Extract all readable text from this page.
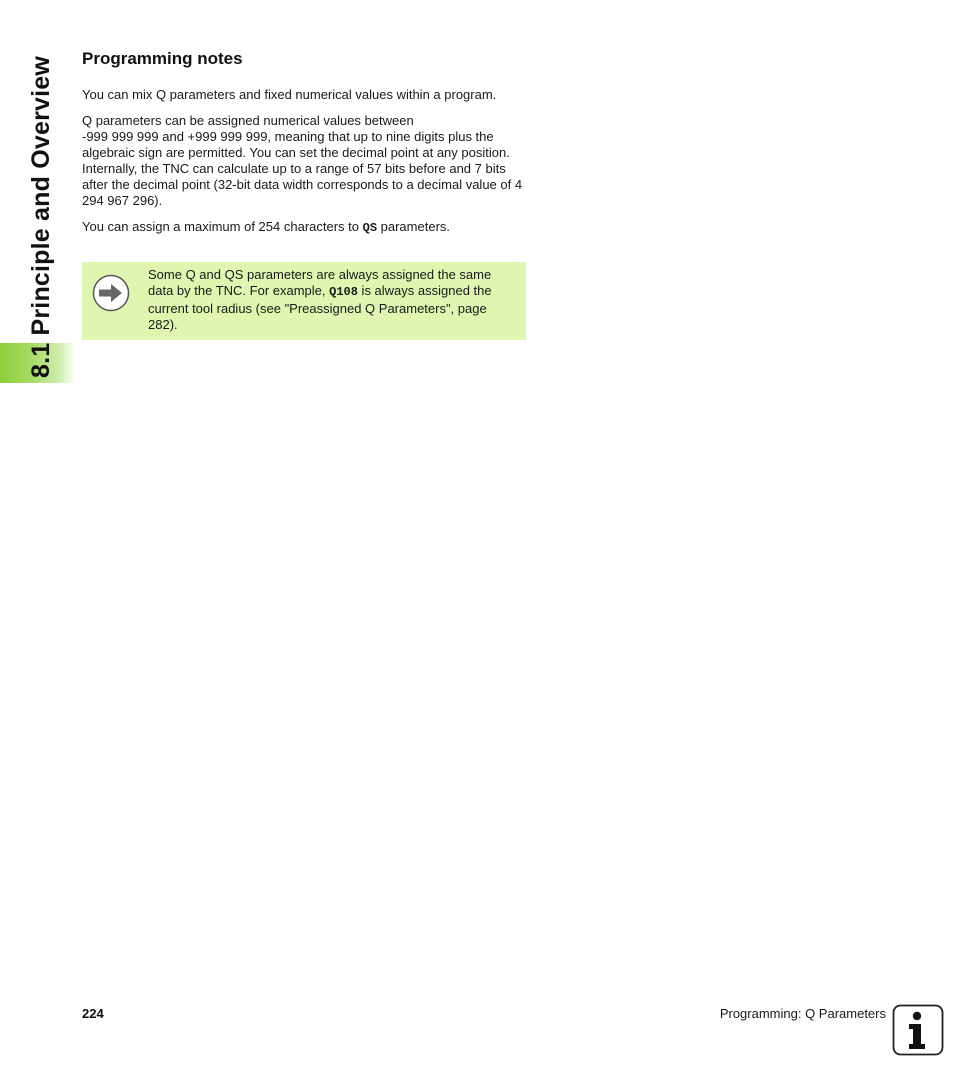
8.1 Principle and Overview Programming notes

You can mix Q parameters and fixed numerical values within a program.

Q parameters can be assigned numerical values between
-999 999 999 and +999 999 999, meaning that up to nine digits plus the algebraic sign are permitted. You can set the decimal point at any position. Internally, the TNC can calculate up to a range of 57 bits before and 7 bits after the decimal point (32-bit data width corresponds to a decimal value of 4 294 967 296).

You can assign a maximum of 254 characters to QS parameters.

Some Q and QS parameters are always assigned the same data by the TNC. For example, Q108 is always assigned the current tool radius (see "Preassigned Q Parameters", page 282).

224	Programming: Q Parameters
